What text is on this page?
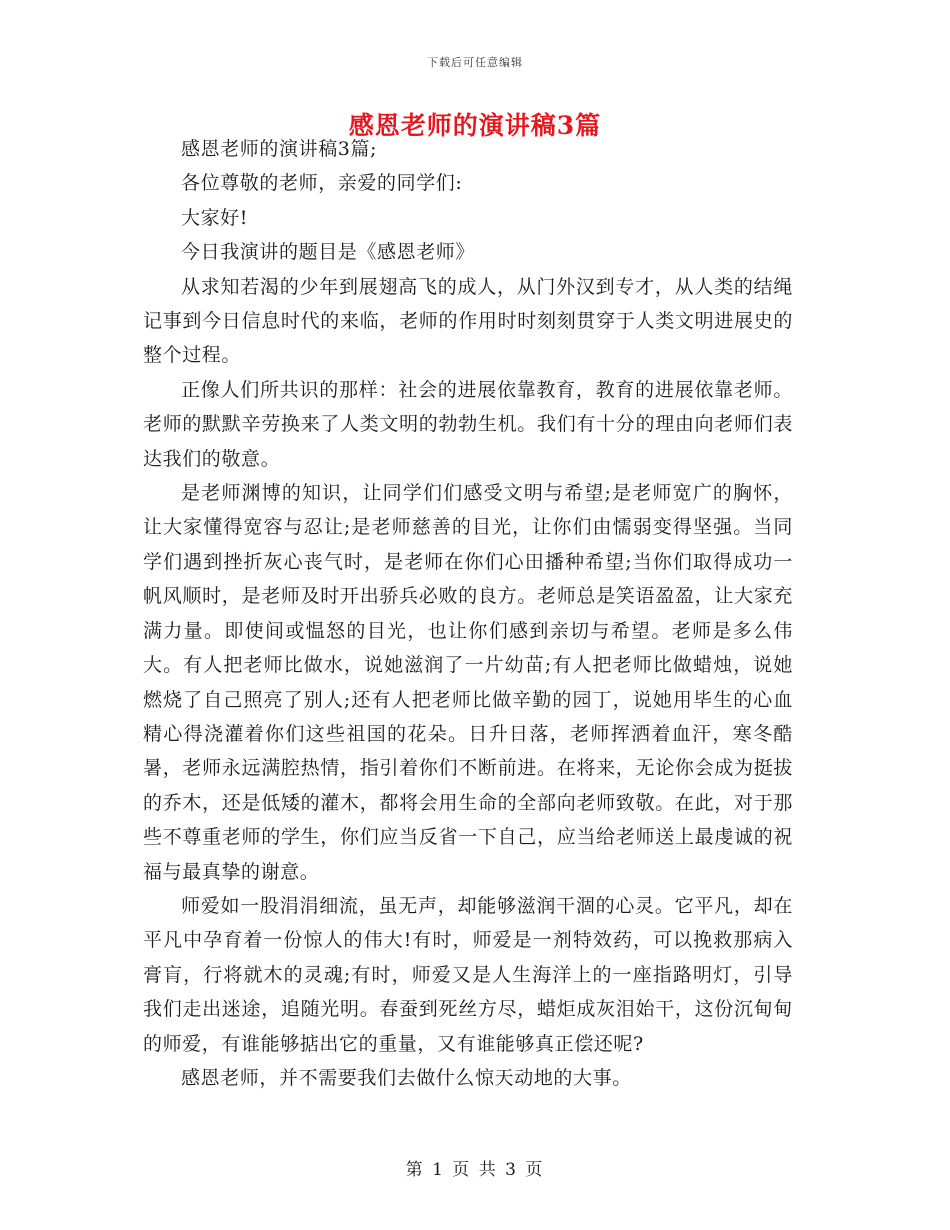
下载后可任意编辑
感恩老师的演讲稿3篇

感恩老师的演讲稿3篇;

各位尊敬的老师，亲爱的同学们:

大家好!

今日我演讲的题目是《感恩老师》

从求知若渴的少年到展翅高飞的成人，从门外汉到专才，从人类的结绳记事到今日信息时代的来临，老师的作用时时刻刻贯穿于人类文明进展史的整个过程。

正像人们所共识的那样：社会的进展依靠教育，教育的进展依靠老师。老师的默默辛劳换来了人类文明的勃勃生机。我们有十分的理由向老师们表达我们的敬意。

是老师渊博的知识，让同学们们感受文明与希望;是老师宽广的胸怀，让大家懂得宽容与忍让;是老师慈善的目光，让你们由懦弱变得坚强。当同学们遇到挫折灰心丧气时，是老师在你们心田播种希望;当你们取得成功一帆风顺时，是老师及时开出骄兵必败的良方。老师总是笑语盈盈，让大家充满力量。即使间或愠怒的目光，也让你们感到亲切与希望。老师是多么伟大。有人把老师比做水，说她滋润了一片幼苗;有人把老师比做蜡烛，说她燃烧了自己照亮了别人;还有人把老师比做辛勤的园丁，说她用毕生的心血精心得浇灌着你们这些祖国的花朵。日升日落，老师挥洒着血汗，寒冬酷暑，老师永远满腔热情，指引着你们不断前进。在将来，无论你会成为挺拔的乔木，还是低矮的灌木，都将会用生命的全部向老师致敬。在此，对于那些不尊重老师的学生，你们应当反省一下自己，应当给老师送上最虔诚的祝福与最真挚的谢意。

师爱如一股涓涓细流，虽无声，却能够滋润干涸的心灵。它平凡，却在平凡中孕育着一份惊人的伟大!有时，师爱是一剂特效药，可以挽救那病入膏肓，行将就木的灵魂;有时，师爱又是人生海洋上的一座指路明灯，引导我们走出迷途，追随光明。春蚕到死丝方尽，蜡炬成灰泪始干，这份沉甸甸的师爱，有谁能够掂出它的重量，又有谁能够真正偿还呢?

感恩老师，并不需要我们去做什么惊天动地的大事。

第 1 页 共 3 页
